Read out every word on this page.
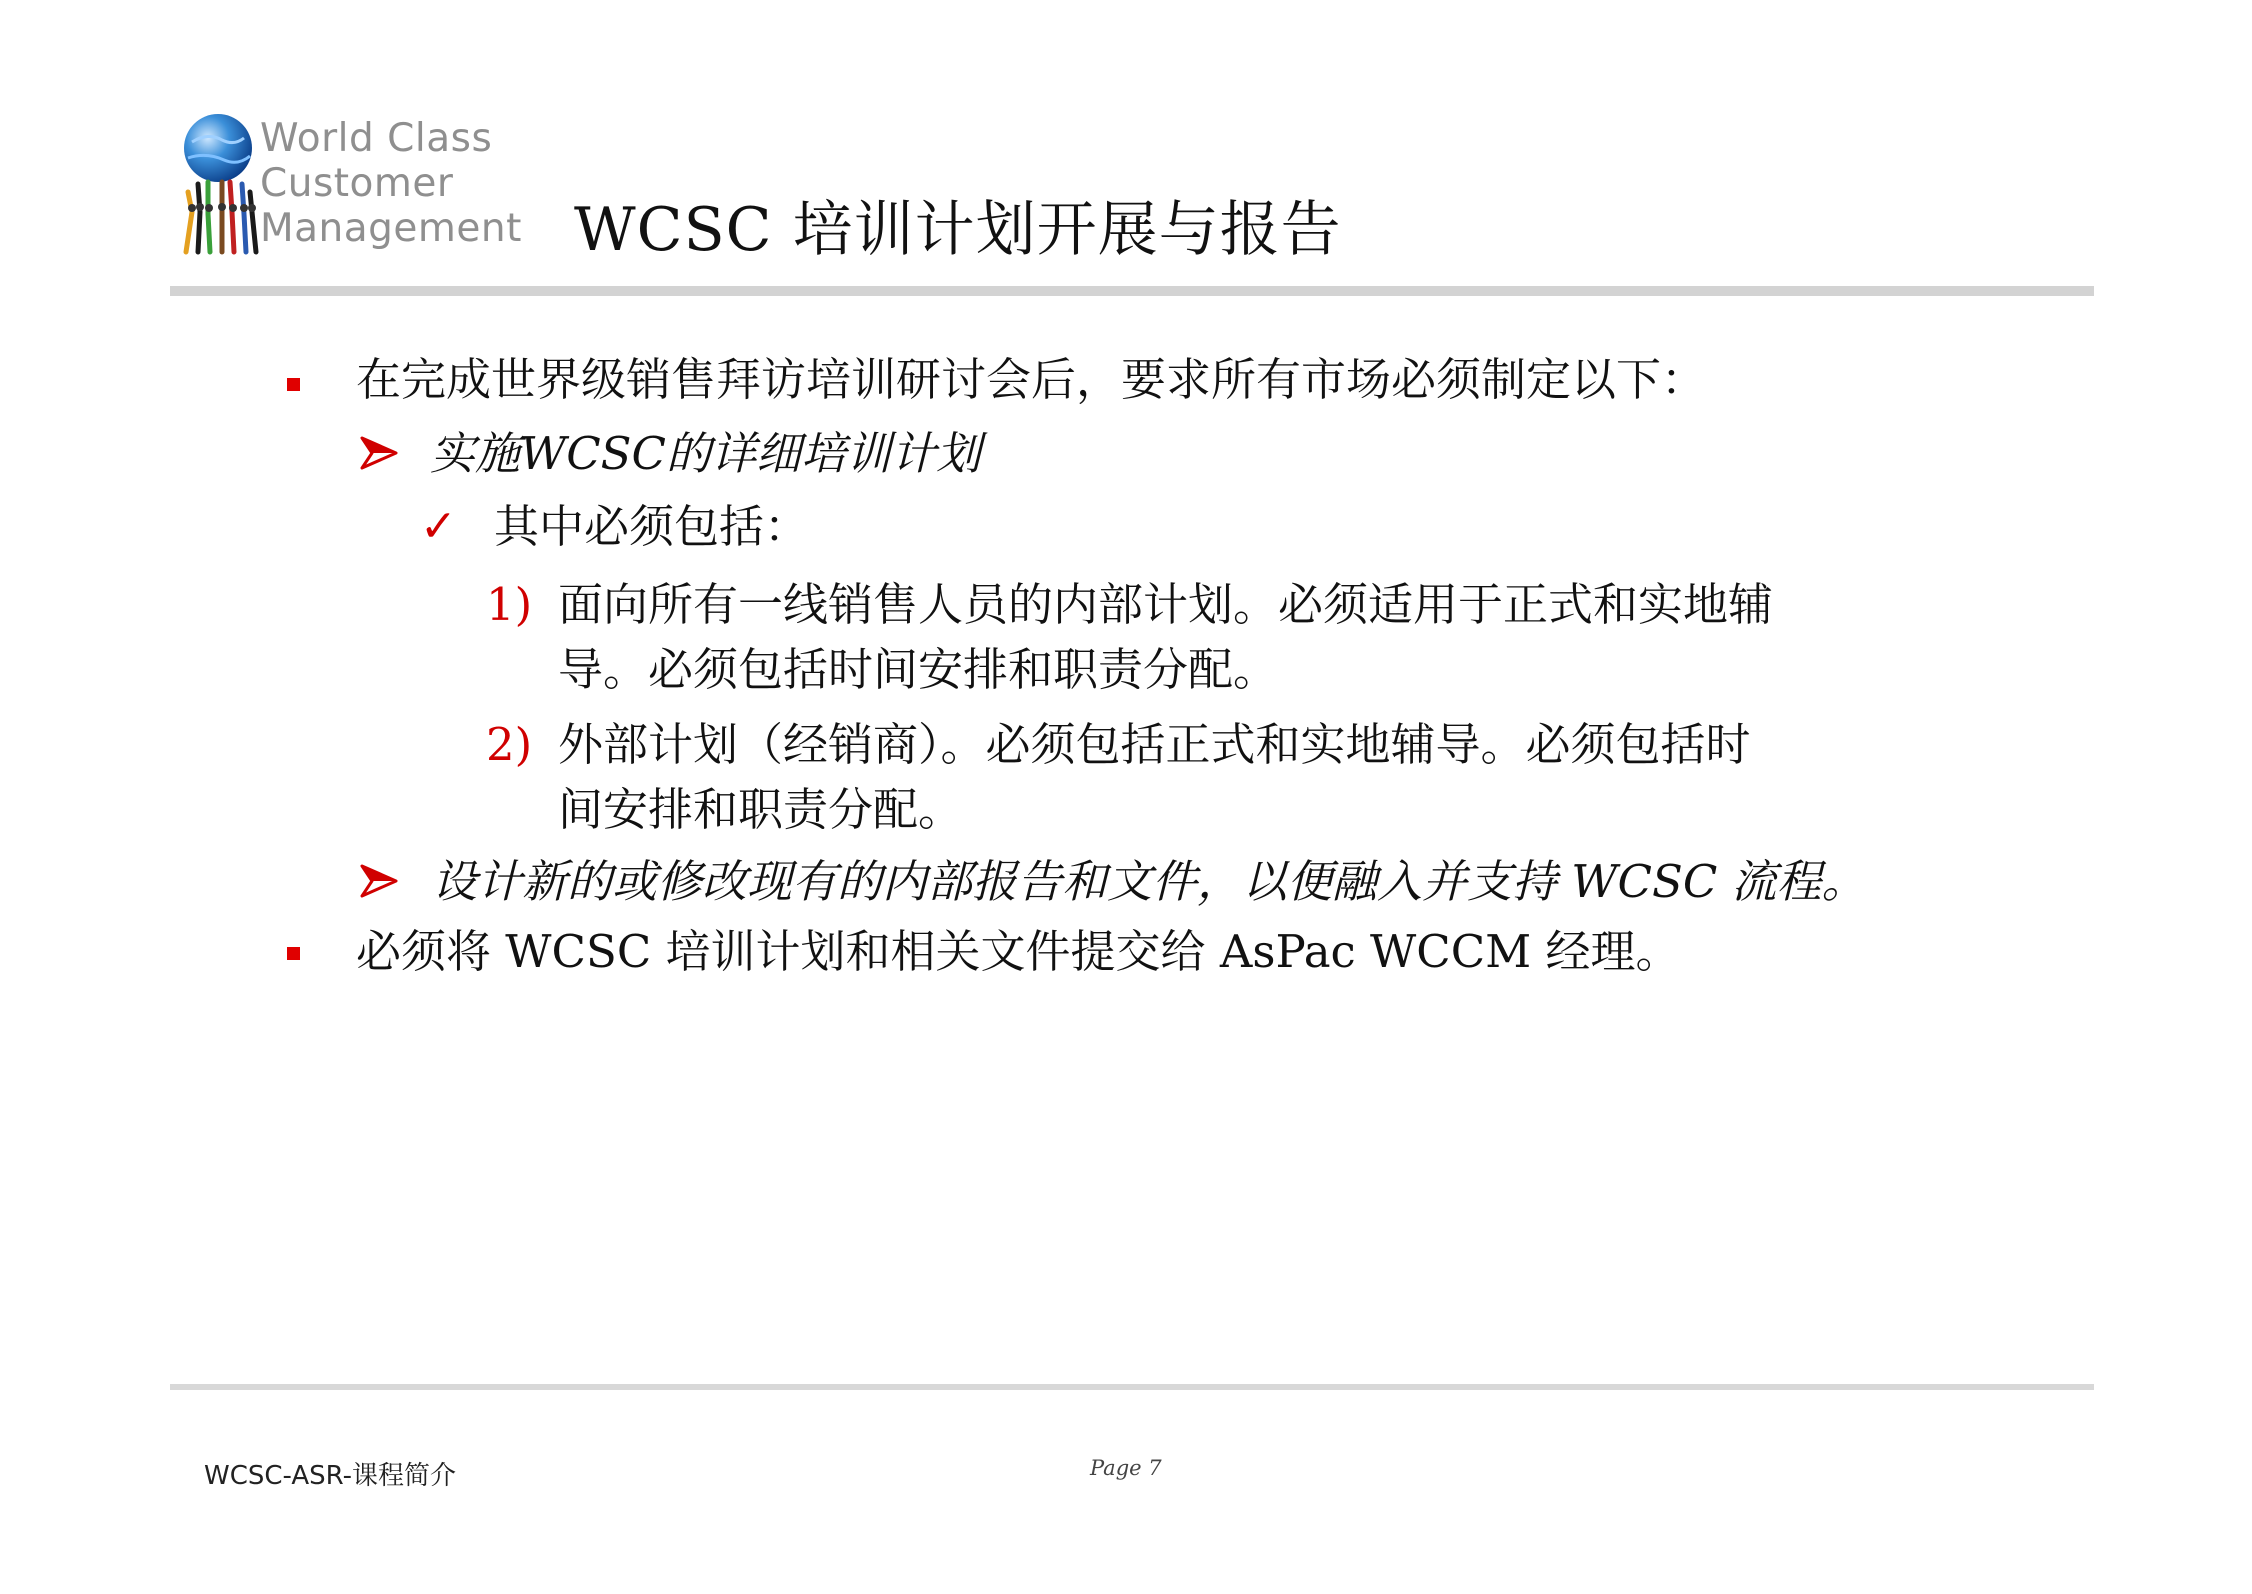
World Class
Customer
Management WCSC 培训计划开展与报告
在完成世界级销售拜访培训研讨会后，要求所有市场必须制定以下：
实施WCSC的详细培训计划
✓ 其中必须包括：
1) 面向所有一线销售人员的内部计划。必须适用于正式和实地辅
导。必须包括时间安排和职责分配。
2) 外部计划（经销商）。必须包括正式和实地辅导。必须包括时
间安排和职责分配。
设计新的或修改现有的内部报告和文件，以便融入并支持 WCSC 流程。
必须将 WCSC 培训计划和相关文件提交给 AsPac WCCM 经理。
WCSC-ASR-课程简介	Page 7
